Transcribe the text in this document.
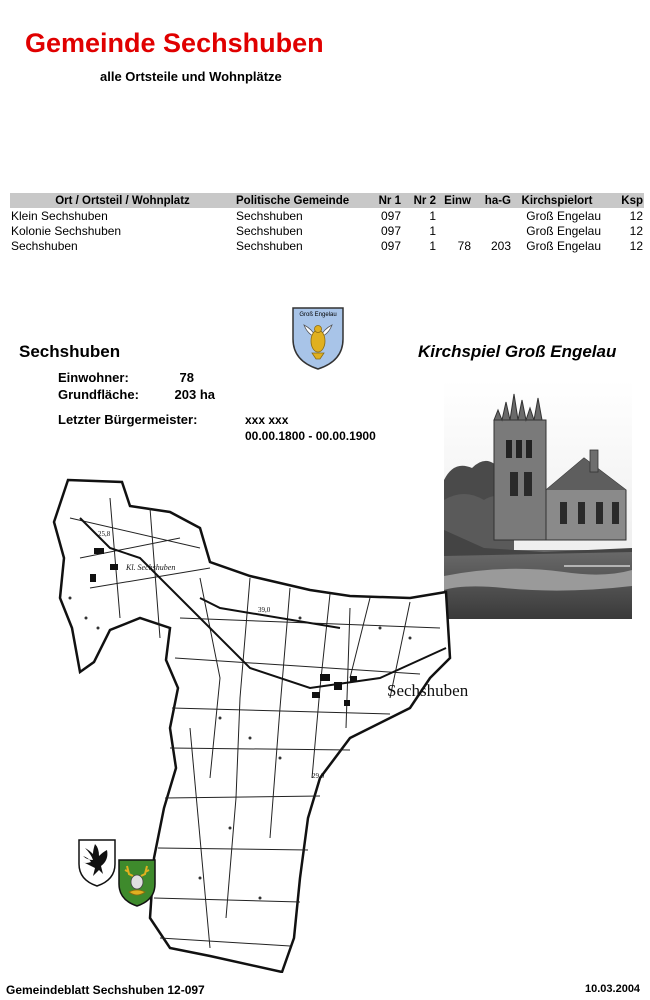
Gemeinde Sechshuben
alle Ortsteile und Wohnplätze
Ort / Ortsteil / Wohnplatz	Politische Gemeinde	Nr 1	Nr 2	Einw	ha-G	Kirchspielort	Ksp
Klein Sechshuben	Sechshuben	097	1			Groß Engelau	12
Kolonie Sechshuben	Sechshuben	097	1			Groß Engelau	12
Sechshuben	Sechshuben	097	1	78	203	Groß Engelau	12
Groß Engelau
Sechshuben	Kirchspiel Groß Engelau
Einwohner:	78
Grundfläche:	203 ha
Letzter Bürgermeister:	xxx xxx
00.00.1800 - 00.00.1900
Sechshuben
Kl. Sechshuben
25,8
39,0
29,0
Gemeindeblatt Sechshuben 12-097	10.03.2004
